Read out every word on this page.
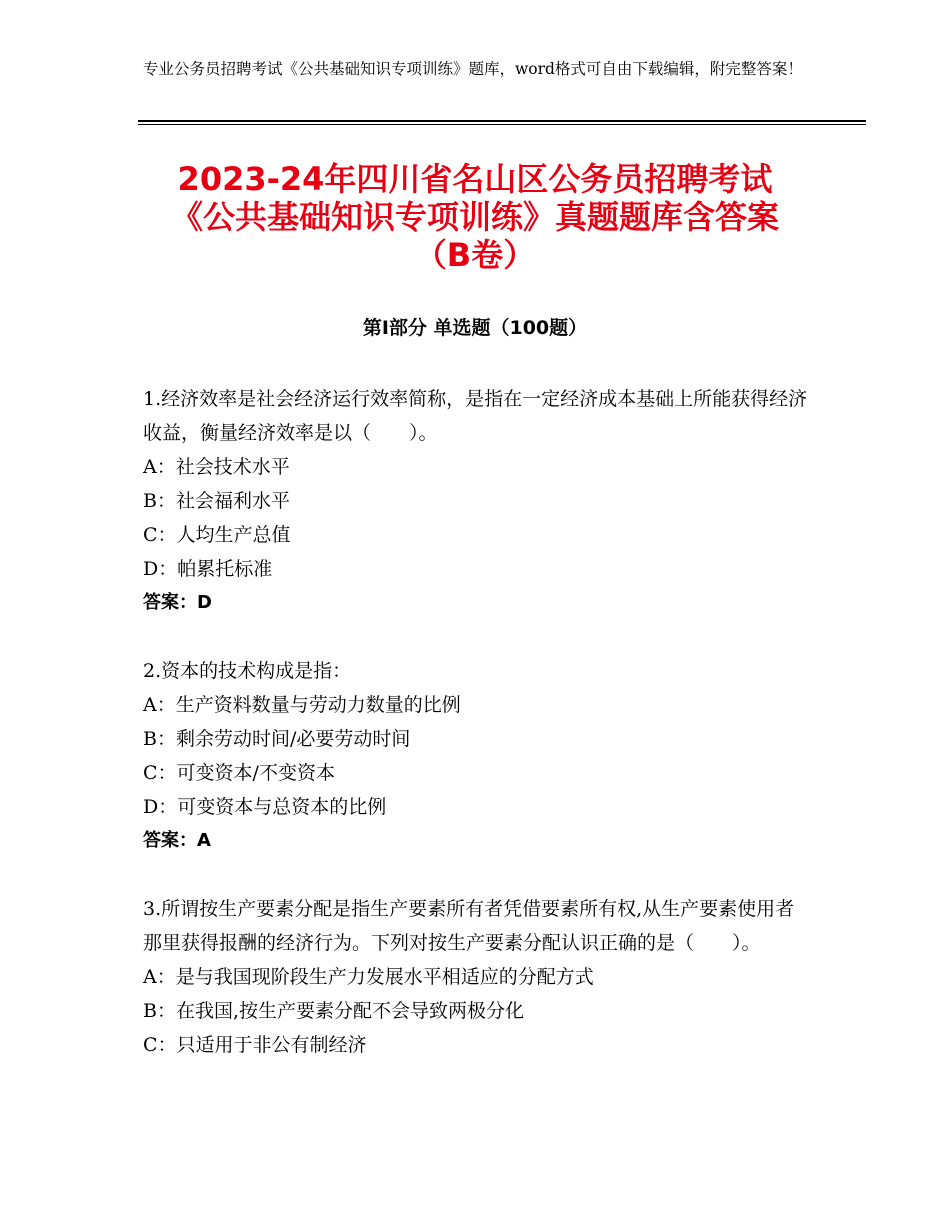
专业公务员招聘考试《公共基础知识专项训练》题库，word格式可自由下载编辑，附完整答案！
2023-24年四川省名山区公务员招聘考试
《公共基础知识专项训练》真题题库含答案
（B卷）
第Ⅰ部分 单选题（100题）

1.经济效率是社会经济运行效率简称，是指在一定经济成本基础上所能获得经济收益，衡量经济效率是以（　　）。

A：社会技术水平

B：社会福利水平

C：人均生产总值

D：帕累托标准

答案：D

2.资本的技术构成是指：

A：生产资料数量与劳动力数量的比例

B：剩余劳动时间/必要劳动时间

C：可变资本/不变资本

D：可变资本与总资本的比例

答案：A

3.所谓按生产要素分配是指生产要素所有者凭借要素所有权,从生产要素使用者那里获得报酬的经济行为。下列对按生产要素分配认识正确的是（　　）。

A：是与我国现阶段生产力发展水平相适应的分配方式

B：在我国,按生产要素分配不会导致两极分化

C：只适用于非公有制经济
